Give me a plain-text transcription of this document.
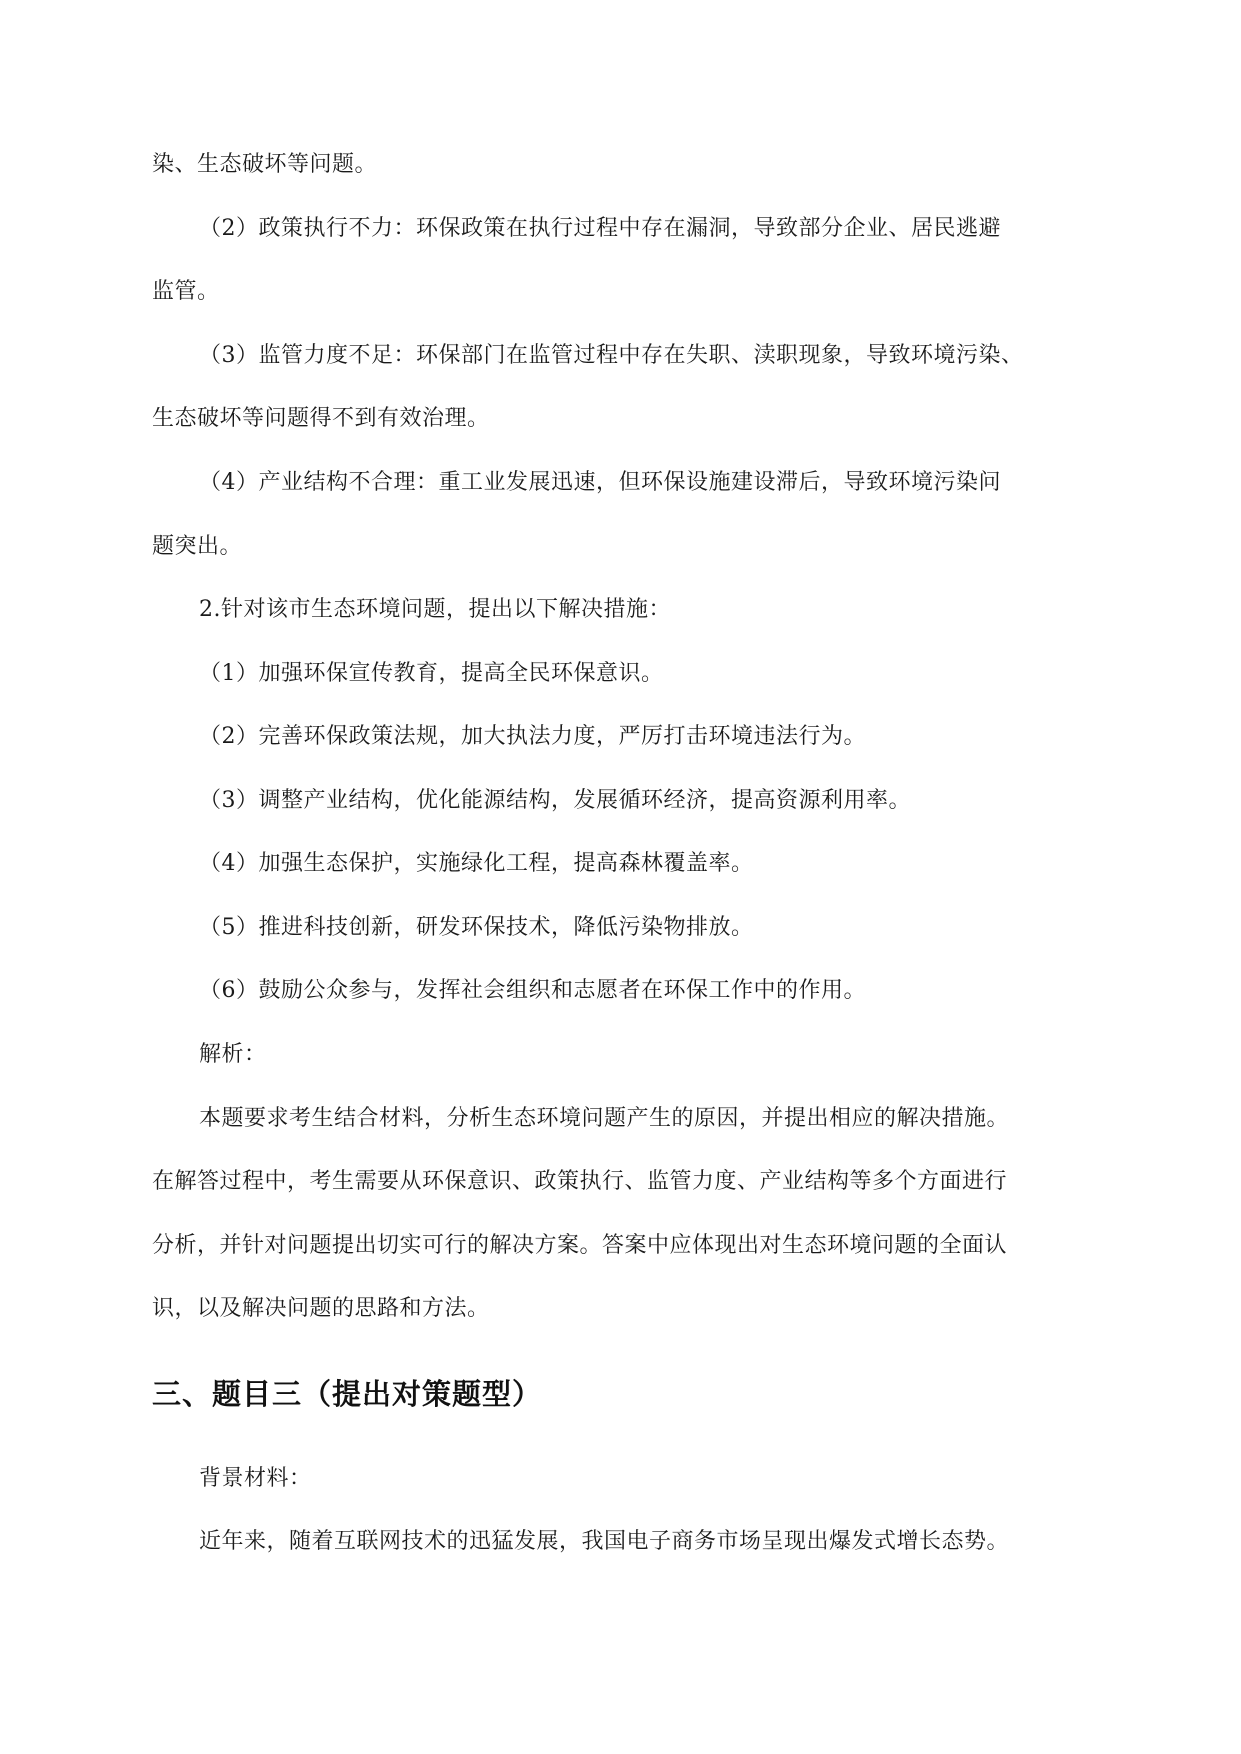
染、生态破坏等问题。
（2）政策执行不力：环保政策在执行过程中存在漏洞，导致部分企业、居民逃避
监管。
（3）监管力度不足：环保部门在监管过程中存在失职、渎职现象，导致环境污染、
生态破坏等问题得不到有效治理。
（4）产业结构不合理：重工业发展迅速，但环保设施建设滞后，导致环境污染问
题突出。
2.针对该市生态环境问题，提出以下解决措施：
（1）加强环保宣传教育，提高全民环保意识。
（2）完善环保政策法规，加大执法力度，严厉打击环境违法行为。
（3）调整产业结构，优化能源结构，发展循环经济，提高资源利用率。
（4）加强生态保护，实施绿化工程，提高森林覆盖率。
（5）推进科技创新，研发环保技术，降低污染物排放。
（6）鼓励公众参与，发挥社会组织和志愿者在环保工作中的作用。
解析：
本题要求考生结合材料，分析生态环境问题产生的原因，并提出相应的解决措施。
在解答过程中，考生需要从环保意识、政策执行、监管力度、产业结构等多个方面进行
分析，并针对问题提出切实可行的解决方案。答案中应体现出对生态环境问题的全面认
识，以及解决问题的思路和方法。
三、题目三（提出对策题型）
背景材料：
近年来，随着互联网技术的迅猛发展，我国电子商务市场呈现出爆发式增长态势。
